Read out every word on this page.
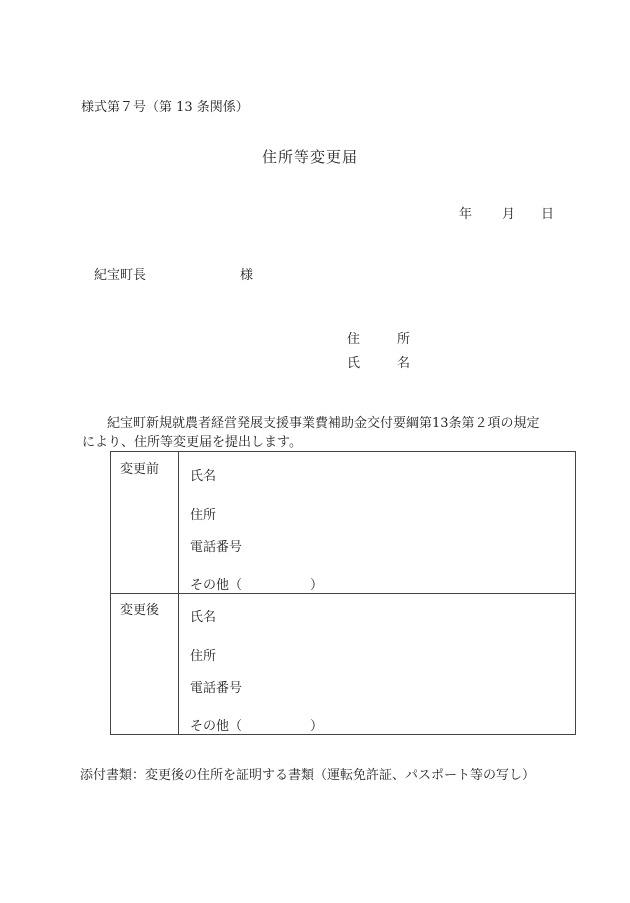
様式第７号（第 13 条関係）
住所等変更届
年 月 日
紀宝町長	様
住　所
氏　名

紀宝町新規就農者経営発展支援事業費補助金交付要綱第13条第２項の規定

により、住所等変更届を提出します。

変更前	氏名
住所
電話番号
その他（	）
変更後	氏名
住所
電話番号
その他（	）
添付書類：変更後の住所を証明する書類（運転免許証、パスポート等の写し）
